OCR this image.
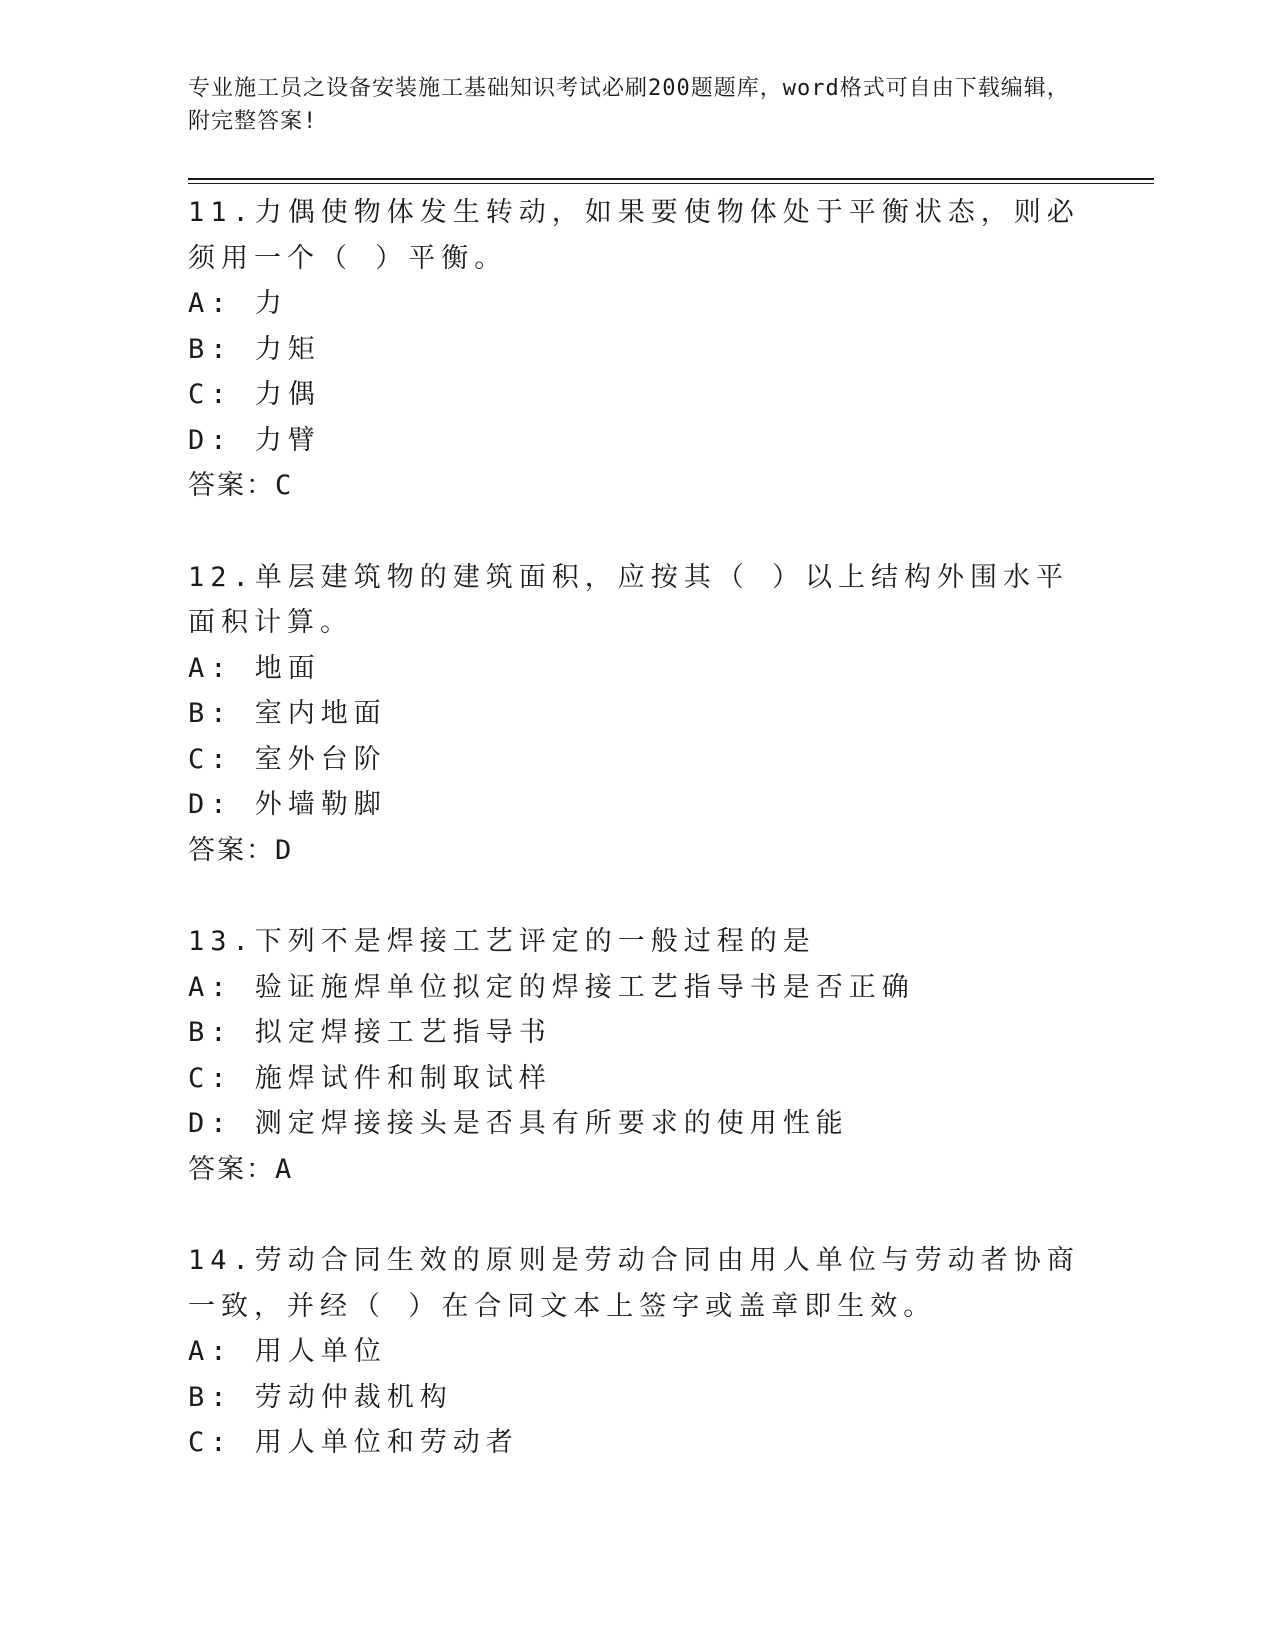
专业施工员之设备安装施工基础知识考试必刷200题题库，word格式可自由下载编辑，附完整答案!
11.力偶使物体发生转动，如果要使物体处于平衡状态，则必须用一个（ ）平衡。
A: 力
B: 力矩
C: 力偶
D: 力臂
答案：C
12.单层建筑物的建筑面积，应按其（ ）以上结构外围水平面积计算。
A: 地面
B: 室内地面
C: 室外台阶
D: 外墙勒脚
答案：D
13.下列不是焊接工艺评定的一般过程的是
A: 验证施焊单位拟定的焊接工艺指导书是否正确
B: 拟定焊接工艺指导书
C: 施焊试件和制取试样
D: 测定焊接接头是否具有所要求的使用性能
答案：A
14.劳动合同生效的原则是劳动合同由用人单位与劳动者协商一致，并经（ ）在合同文本上签字或盖章即生效。
A: 用人单位
B: 劳动仲裁机构
C: 用人单位和劳动者
